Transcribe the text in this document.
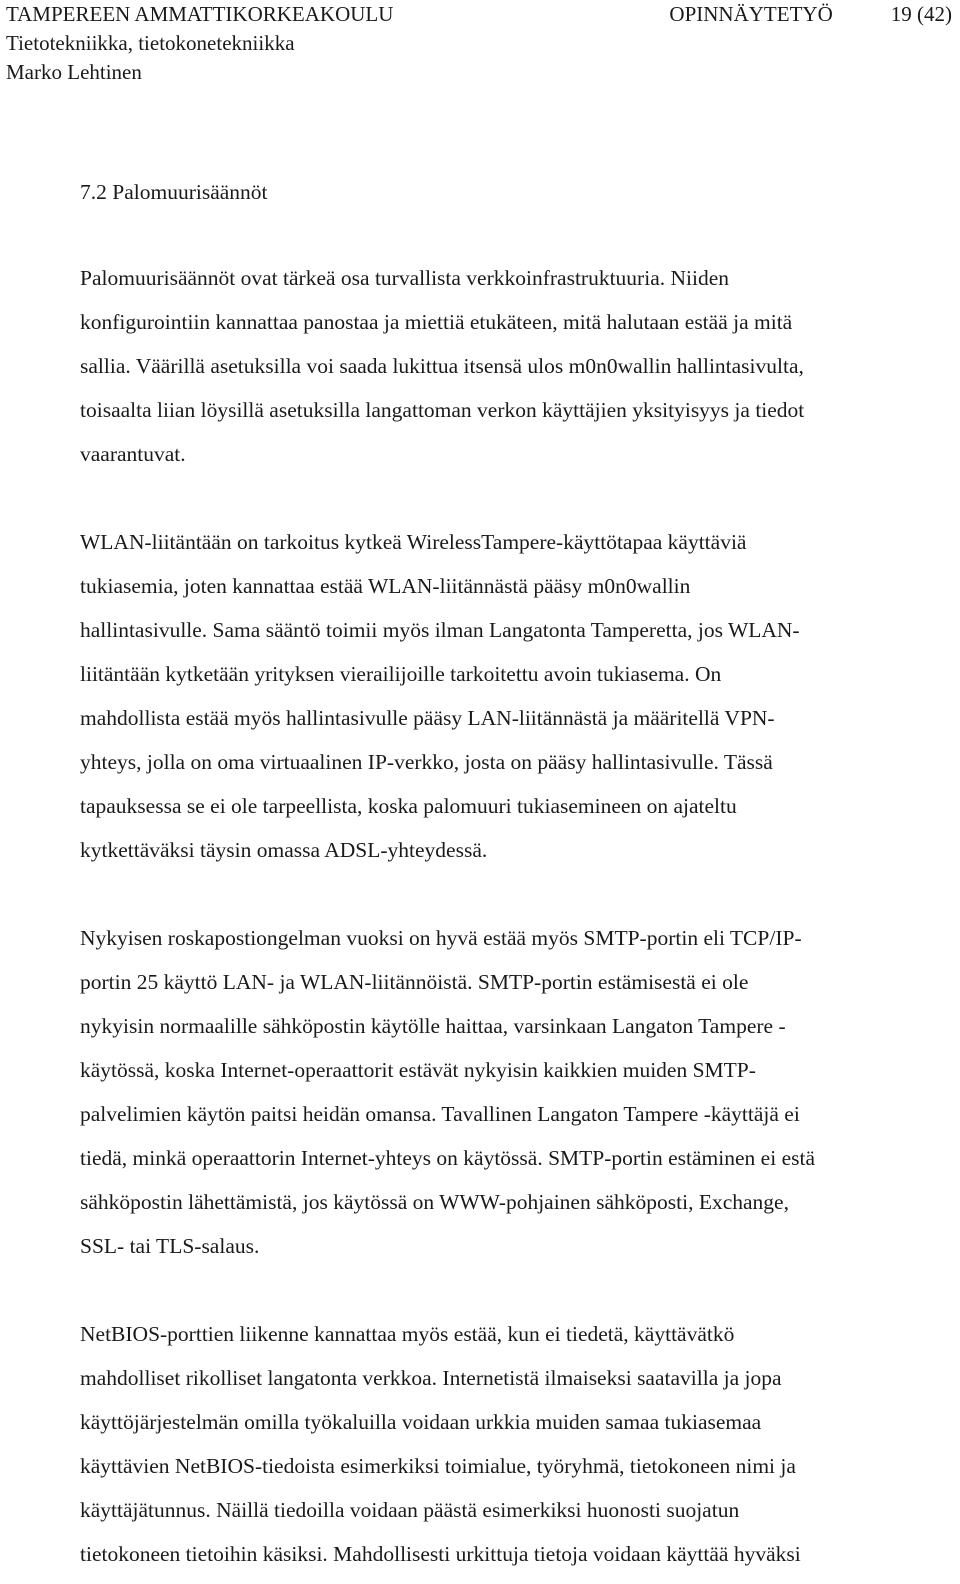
TAMPEREEN AMMATTIKORKEAKOULU	OPINNÄYTETYÖ	19 (42)
Tietotekniikka, tietokonetekniikka
Marko Lehtinen
7.2 Palomuurisäännöt

Palomuurisäännöt ovat tärkeä osa turvallista verkkoinfrastruktuuria. Niiden
konfigurointiin kannattaa panostaa ja miettiä etukäteen, mitä halutaan estää ja mitä
sallia. Väärillä asetuksilla voi saada lukittua itsensä ulos m0n0wallin hallintasivulta,
toisaalta liian löysillä asetuksilla langattoman verkon käyttäjien yksityisyys ja tiedot
vaarantuvat.

WLAN-liitäntään on tarkoitus kytkeä WirelessTampere-käyttötapaa käyttäviä
tukiasemia, joten kannattaa estää WLAN-liitännästä pääsy m0n0wallin
hallintasivulle. Sama sääntö toimii myös ilman Langatonta Tamperetta, jos WLAN-
liitäntään kytketään yrityksen vierailijoille tarkoitettu avoin tukiasema. On
mahdollista estää myös hallintasivulle pääsy LAN-liitännästä ja määritellä VPN-
yhteys, jolla on oma virtuaalinen IP-verkko, josta on pääsy hallintasivulle. Tässä
tapauksessa se ei ole tarpeellista, koska palomuuri tukiasemineen on ajateltu
kytkettäväksi täysin omassa ADSL-yhteydessä.

Nykyisen roskapostiongelman vuoksi on hyvä estää myös SMTP-portin eli TCP/IP-
portin 25 käyttö LAN- ja WLAN-liitännöistä. SMTP-portin estämisestä ei ole
nykyisin normaalille sähköpostin käytölle haittaa, varsinkaan Langaton Tampere -
käytössä, koska Internet-operaattorit estävät nykyisin kaikkien muiden SMTP-
palvelimien käytön paitsi heidän omansa. Tavallinen Langaton Tampere -käyttäjä ei
tiedä, minkä operaattorin Internet-yhteys on käytössä. SMTP-portin estäminen ei estä
sähköpostin lähettämistä, jos käytössä on WWW-pohjainen sähköposti, Exchange,
SSL- tai TLS-salaus.

NetBIOS-porttien liikenne kannattaa myös estää, kun ei tiedetä, käyttävätkö
mahdolliset rikolliset langatonta verkkoa. Internetistä ilmaiseksi saatavilla ja jopa
käyttöjärjestelmän omilla työkaluilla voidaan urkkia muiden samaa tukiasemaa
käyttävien NetBIOS-tiedoista esimerkiksi toimialue, työryhmä, tietokoneen nimi ja
käyttäjätunnus. Näillä tiedoilla voidaan päästä esimerkiksi huonosti suojatun
tietokoneen tietoihin käsiksi. Mahdollisesti urkittuja tietoja voidaan käyttää hyväksi
